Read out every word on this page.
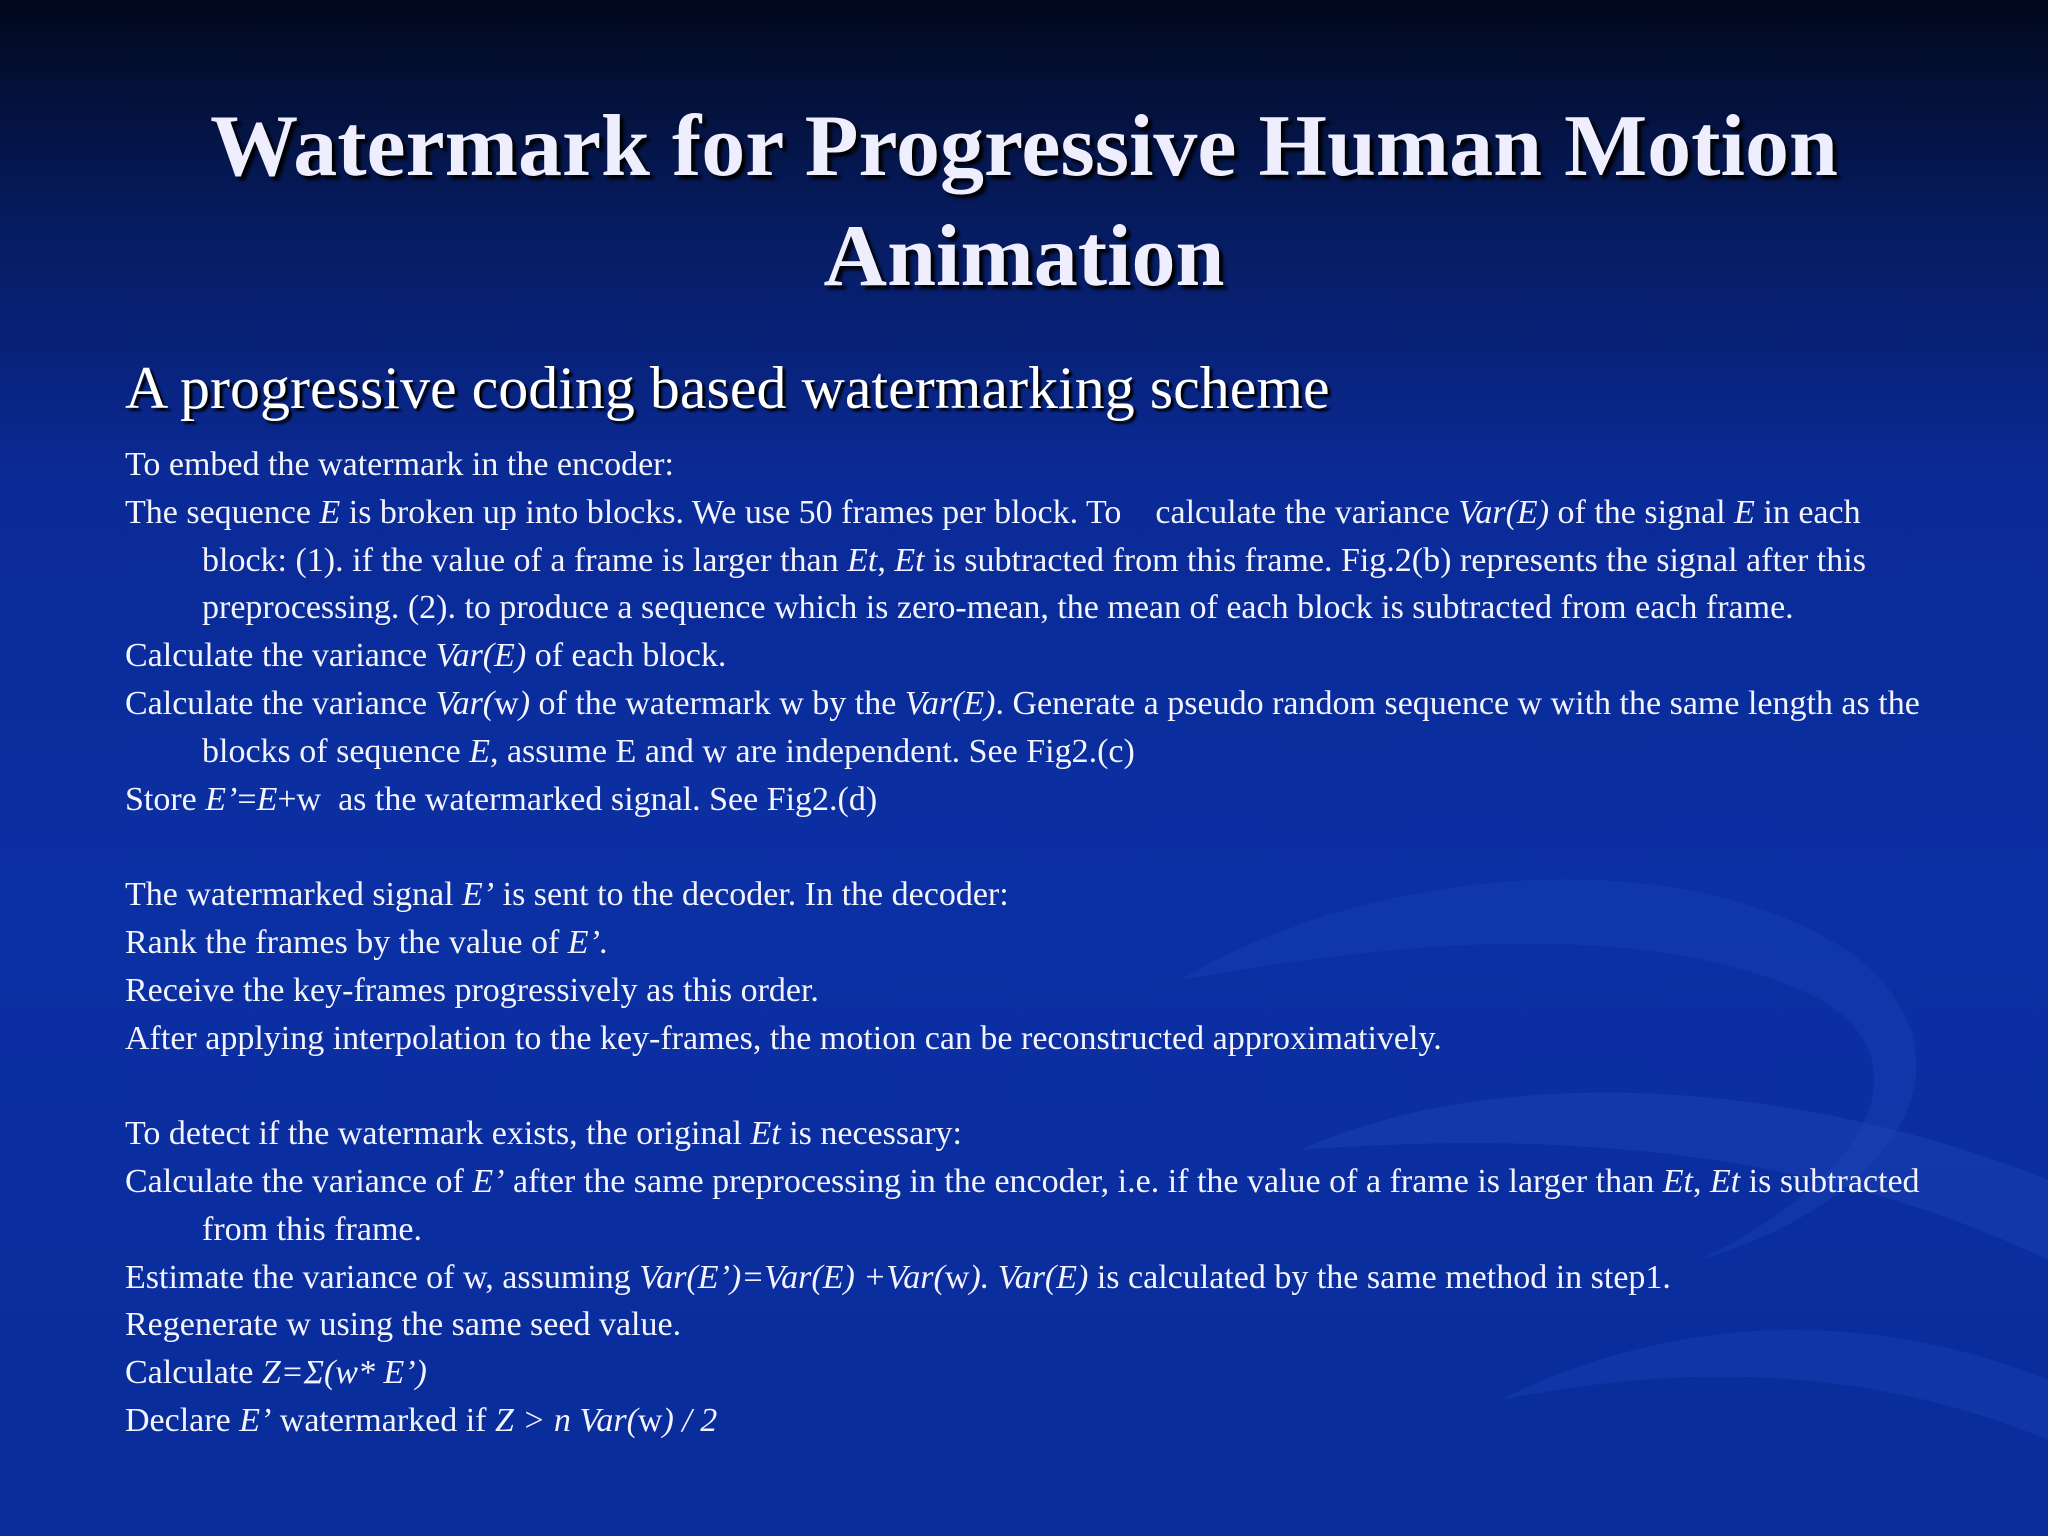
Watermark for Progressive Human Motion Animation
A progressive coding based watermarking scheme

To embed the watermark in the encoder:

The sequence E is broken up into blocks. We use 50 frames per block. To    calculate the variance Var(E) of the signal E in each block: (1). if the value of a frame is larger than Et, Et is subtracted from this frame. Fig.2(b) represents the signal after this preprocessing. (2). to produce a sequence which is zero-mean, the mean of each block is subtracted from each frame.

Calculate the variance Var(E) of each block.

Calculate the variance Var(w) of the watermark w by the Var(E). Generate a pseudo random sequence w with the same length as the blocks of sequence E, assume E and w are independent. See Fig2.(c)

Store E’=E+w  as the watermarked signal. See Fig2.(d)

The watermarked signal E’ is sent to the decoder. In the decoder:

Rank the frames by the value of E’.

Receive the key-frames progressively as this order.

After applying interpolation to the key-frames, the motion can be reconstructed approximatively.

To detect if the watermark exists, the original Et is necessary:

Calculate the variance of E’ after the same preprocessing in the encoder, i.e. if the value of a frame is larger than Et, Et is subtracted from this frame.

Estimate the variance of w, assuming Var(E’)=Var(E) +Var(w). Var(E) is calculated by the same method in step1.

Regenerate w using the same seed value.

Calculate Z=Σ(w* E’)

Declare E’ watermarked if Z > n Var(w) / 2
